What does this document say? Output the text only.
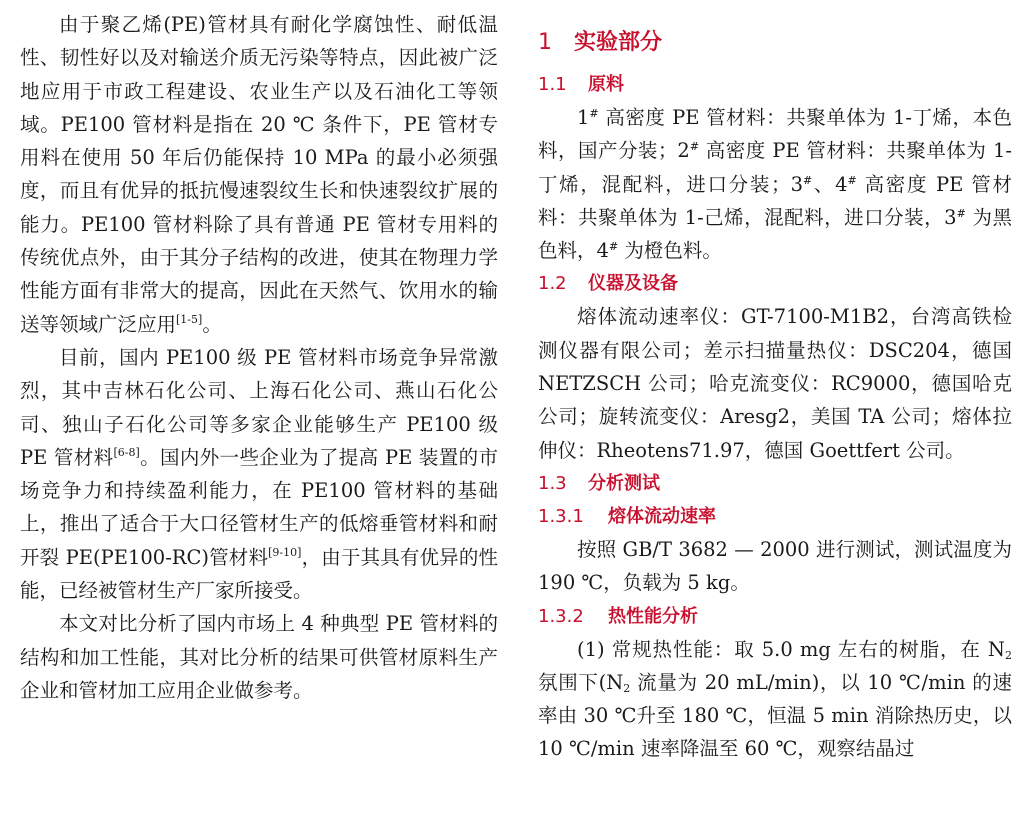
由于聚乙烯(PE)管材具有耐化学腐蚀性、耐低温性、韧性好以及对输送介质无污染等特点，因此被广泛地应用于市政工程建设、农业生产以及石油化工等领域。PE100 管材料是指在 20 ℃ 条件下，PE 管材专用料在使用 50 年后仍能保持 10 MPa 的最小必须强度，而且有优异的抵抗慢速裂纹生长和快速裂纹扩展的能力。PE100 管材料除了具有普通 PE 管材专用料的传统优点外，由于其分子结构的改进，使其在物理力学性能方面有非常大的提高，因此在天然气、饮用水的输送等领域广泛应用[1-5]。

目前，国内 PE100 级 PE 管材料市场竞争异常激烈，其中吉林石化公司、上海石化公司、燕山石化公司、独山子石化公司等多家企业能够生产 PE100 级 PE 管材料[6-8]。国内外一些企业为了提高 PE 装置的市场竞争力和持续盈利能力，在 PE100 管材料的基础上，推出了适合于大口径管材生产的低熔垂管材料和耐开裂 PE(PE100-RC)管材料[9-10]，由于其具有优异的性能，已经被管材生产厂家所接受。

本文对比分析了国内市场上 4 种典型 PE 管材料的结构和加工性能，其对比分析的结果可供管材原料生产企业和管材加工应用企业做参考。

1 实验部分
1.1 原料

1# 高密度 PE 管材料：共聚单体为 1-丁烯，本色料，国产分装；2# 高密度 PE 管材料：共聚单体为 1-丁烯，混配料，进口分装；3#、4# 高密度 PE 管材料：共聚单体为 1-己烯，混配料，进口分装，3# 为黑色料，4# 为橙色料。

1.2 仪器及设备

熔体流动速率仪：GT-7100-M1B2，台湾高铁检测仪器有限公司；差示扫描量热仪：DSC204，德国 NETZSCH 公司；哈克流变仪：RC9000，德国哈克公司；旋转流变仪：Aresg2，美国 TA 公司；熔体拉伸仪：Rheotens71.97，德国 Goettfert 公司。

1.3 分析测试
1.3.1 熔体流动速率

按照 GB/T 3682 — 2000 进行测试，测试温度为 190 ℃，负载为 5 kg。

1.3.2 热性能分析

(1) 常规热性能：取 5.0 mg 左右的树脂，在 $N_2$ 氛围下($N_2$ 流量为 20 mL/min)，以 10 ℃/min 的速率由 30 ℃升至 180 ℃，恒温 5 min 消除热历史，以 10 ℃/min 速率降温至 60 ℃，观察结晶过
